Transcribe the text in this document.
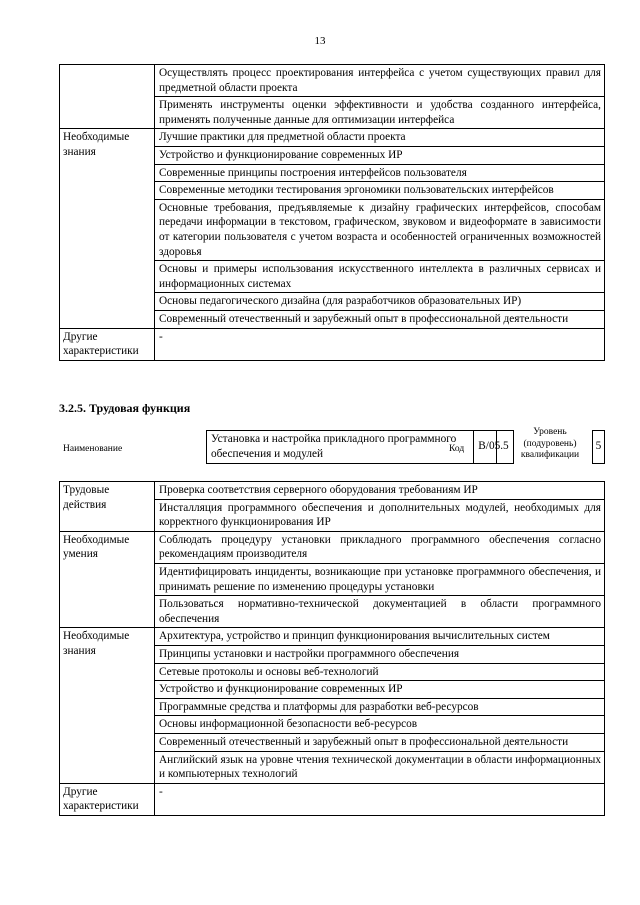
13
	Осуществлять процесс проектирования интерфейса с учетом существующих правил для предметной области проекта
	Применять инструменты оценки эффективности и удобства созданного интерфейса, применять полученные данные для оптимизации интерфейса
Необходимые знания	Лучшие практики для предметной области проекта
	Устройство и функционирование современных ИР
	Современные принципы построения интерфейсов пользователя
	Современные методики тестирования эргономики пользовательских интерфейсов
	Основные требования, предъявляемые к дизайну графических интерфейсов, способам передачи информации в текстовом, графическом, звуковом и видеоформате в зависимости от категории пользователя с учетом возраста и особенностей ограниченных возможностей здоровья
	Основы и примеры использования искусственного интеллекта в различных сервисах и информационных системах
	Основы педагогического дизайна (для разработчиков образовательных ИР)
	Современный отечественный и зарубежный опыт в профессиональной деятельности
Другие характеристики	-
3.2.5. Трудовая функция
Наименование
Установка и настройка прикладного программного обеспечения и модулей	Код	В/05.5
Уровень (подуровень) квалификации
5
Трудовые действия	Проверка соответствия серверного оборудования требованиям ИР
	Инсталляция программного обеспечения и дополнительных модулей, необходимых для корректного функционирования ИР
Необходимые умения	Соблюдать процедуру установки прикладного программного обеспечения согласно рекомендациям производителя
	Идентифицировать инциденты, возникающие при установке программного обеспечения, и принимать решение по изменению процедуры установки
	Пользоваться нормативно-технической документацией в области программного обеспечения
Необходимые знания	Архитектура, устройство и принцип функционирования вычислительных систем
	Принципы установки и настройки программного обеспечения
	Сетевые протоколы и основы веб-технологий
	Устройство и функционирование современных ИР
	Программные средства и платформы для разработки веб-ресурсов
	Основы информационной безопасности веб-ресурсов
	Современный отечественный и зарубежный опыт в профессиональной деятельности
	Английский язык на уровне чтения технической документации в области информационных и компьютерных технологий
Другие характеристики	-
